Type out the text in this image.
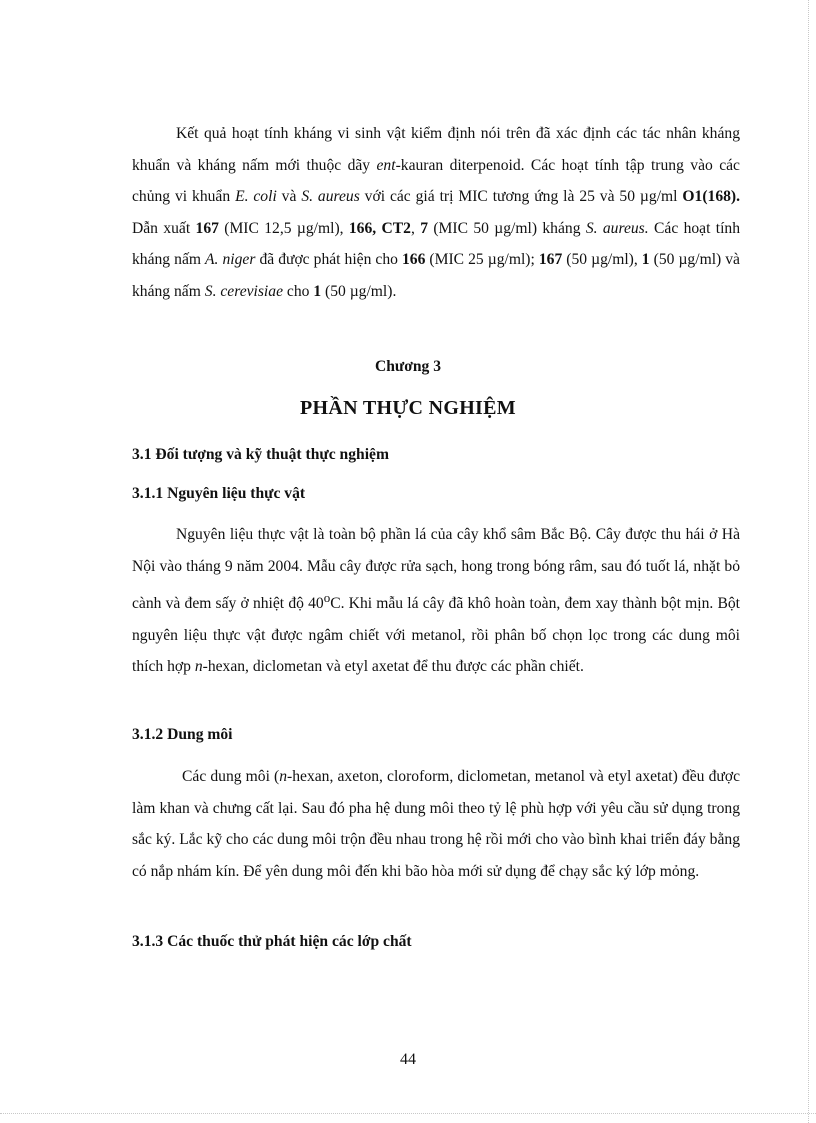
Kết quả hoạt tính kháng vi sinh vật kiểm định nói trên đã xác định các tác nhân kháng khuẩn và kháng nấm mới thuộc dãy ent-kauran diterpenoid. Các hoạt tính tập trung vào các chủng vi khuẩn E. coli và S. aureus với các giá trị MIC tương ứng là 25 và 50 µg/ml O1(168). Dẫn xuất 167 (MIC 12,5 µg/ml), 166, CT2, 7 (MIC 50 µg/ml) kháng S. aureus. Các hoạt tính kháng nấm A. niger đã được phát hiện cho 166 (MIC 25 µg/ml); 167 (50 µg/ml), 1 (50 µg/ml) và kháng nấm S. cerevisiae cho 1 (50 µg/ml).

Chương 3
PHẦN THỰC NGHIỆM
3.1 Đối tượng và kỹ thuật thực nghiệm
3.1.1 Nguyên liệu thực vật

Nguyên liệu thực vật là toàn bộ phần lá của cây khổ sâm Bắc Bộ. Cây được thu hái ở Hà Nội vào tháng 9 năm 2004. Mẫu cây được rửa sạch, hong trong bóng râm, sau đó tuốt lá, nhặt bỏ cành và đem sấy ở nhiệt độ 40$^o$C. Khi mẫu lá cây đã khô hoàn toàn, đem xay thành bột mịn. Bột nguyên liệu thực vật được ngâm chiết với metanol, rồi phân bố chọn lọc trong các dung môi thích hợp n-hexan, diclometan và etyl axetat để thu được các phần chiết.

3.1.2 Dung môi

Các dung môi (n-hexan, axeton, cloroform, diclometan, metanol và etyl axetat) đều được làm khan và chưng cất lại. Sau đó pha hệ dung môi theo tỷ lệ phù hợp với yêu cầu sử dụng trong sắc ký. Lắc kỹ cho các dung môi trộn đều nhau trong hệ rồi mới cho vào bình khai triển đáy bằng có nắp nhám kín. Để yên dung môi đến khi bão hòa mới sử dụng để chạy sắc ký lớp mỏng.

3.1.3 Các thuốc thử phát hiện các lớp chất
44
